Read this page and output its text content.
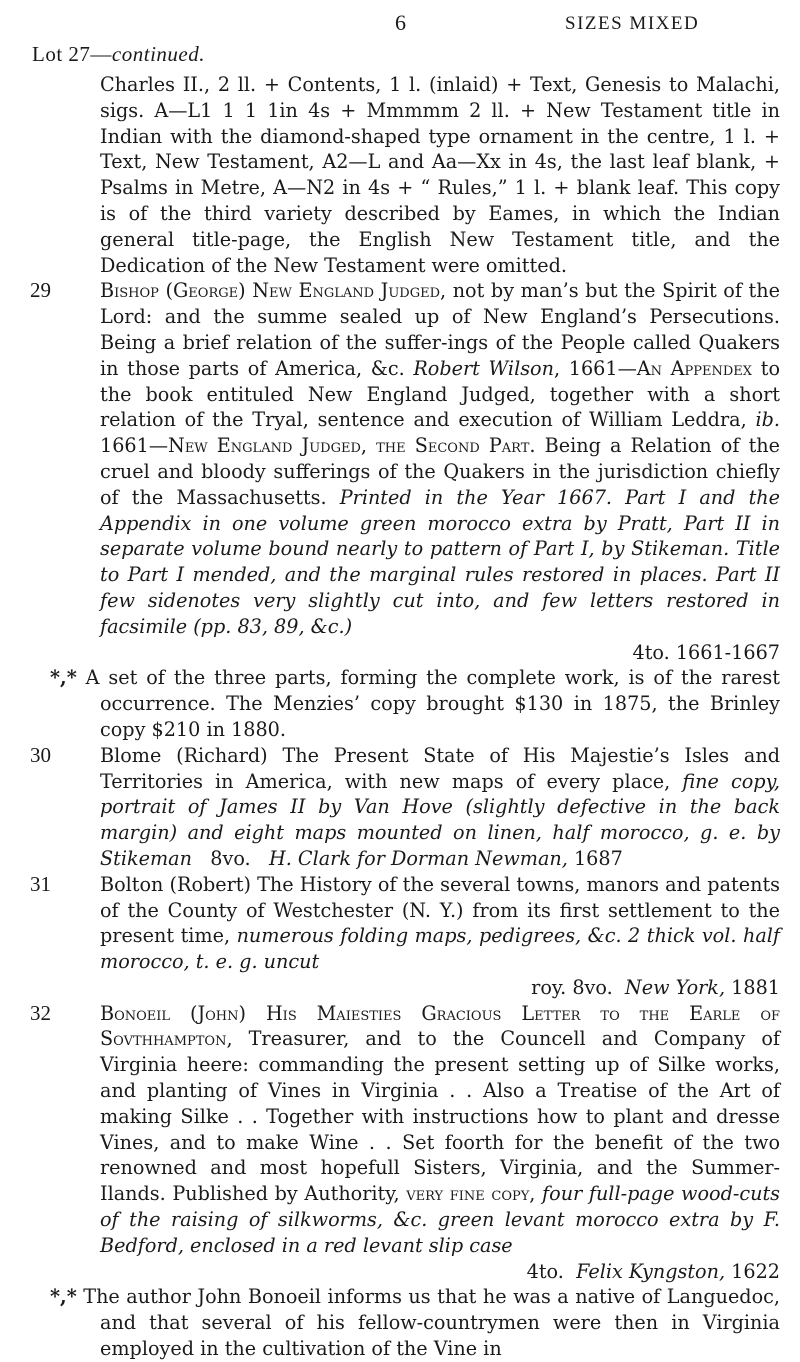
6	SIZES MIXED
Lot 27—continued.

Charles II., 2 ll. + Contents, 1 l. (inlaid) + Text, Genesis to Malachi, sigs. A—L1 1 1 1in 4s + Mmmmm 2 ll. + New Testament title in Indian with the diamond-shaped type ornament in the centre, 1 l. + Text, New Testament, A2—L and Aa—Xx in 4s, the last leaf blank, + Psalms in Metre, A—N2 in 4s + “ Rules,” 1 l. + blank leaf. This copy is of the third variety described by Eames, in which the Indian general title-page, the English New Testament title, and the Dedication of the New Testament were omitted.

29	Bishop (George) New England Judged, not by man’s but the Spirit of the Lord: and the summe sealed up of New England’s Persecutions. Being a brief relation of the suffer-ings of the People called Quakers in those parts of America, &c. Robert Wilson, 1661—An Appendex to the book entituled New England Judged, together with a short relation of the Tryal, sentence and execution of William Leddra, ib. 1661—New England Judged, the Second Part. Being a Relation of the cruel and bloody sufferings of the Quakers in the jurisdiction chiefly of the Massachusetts. Printed in the Year 1667. Part I and the Appendix in one volume green morocco extra by Pratt, Part II in separate volume bound nearly to pattern of Part I, by Stikeman. Title to Part I mended, and the marginal rules restored in places. Part II few sidenotes very slightly cut into, and few letters restored in facsimile (pp. 83, 89, &c.)

4to. 1661-1667

*,* A set of the three parts, forming the complete work, is of the rarest occurrence. The Menzies’ copy brought $130 in 1875, the Brinley copy $210 in 1880.

30	Blome (Richard) The Present State of His Majestie’s Isles and Territories in America, with new maps of every place, fine copy, portrait of James II by Van Hove (slightly defective in the back margin) and eight maps mounted on linen, half morocco, g. e. by Stikeman 8vo. H. Clark for Dorman Newman, 1687

31	Bolton (Robert) The History of the several towns, manors and patents of the County of Westchester (N. Y.) from its first settlement to the present time, numerous folding maps, pedigrees, &c. 2 thick vol. half morocco, t. e. g. uncut

roy. 8vo. New York, 1881

32	Bonoeil (John) His Maiesties Gracious Letter to the Earle of Sovthhampton, Treasurer, and to the Councell and Company of Virginia heere: commanding the present setting up of Silke works, and planting of Vines in Virginia . . Also a Treatise of the Art of making Silke . . Together with instructions how to plant and dresse Vines, and to make Wine . . Set foorth for the benefit of the two renowned and most hopefull Sisters, Virginia, and the Summer-Ilands. Published by Authority, very fine copy, four full-page wood-cuts of the raising of silkworms, &c. green levant morocco extra by F. Bedford, enclosed in a red levant slip case

4to. Felix Kyngston, 1622

*,* The author John Bonoeil informs us that he was a native of Languedoc, and that several of his fellow-countrymen were then in Virginia employed in the cultivation of the Vine in
